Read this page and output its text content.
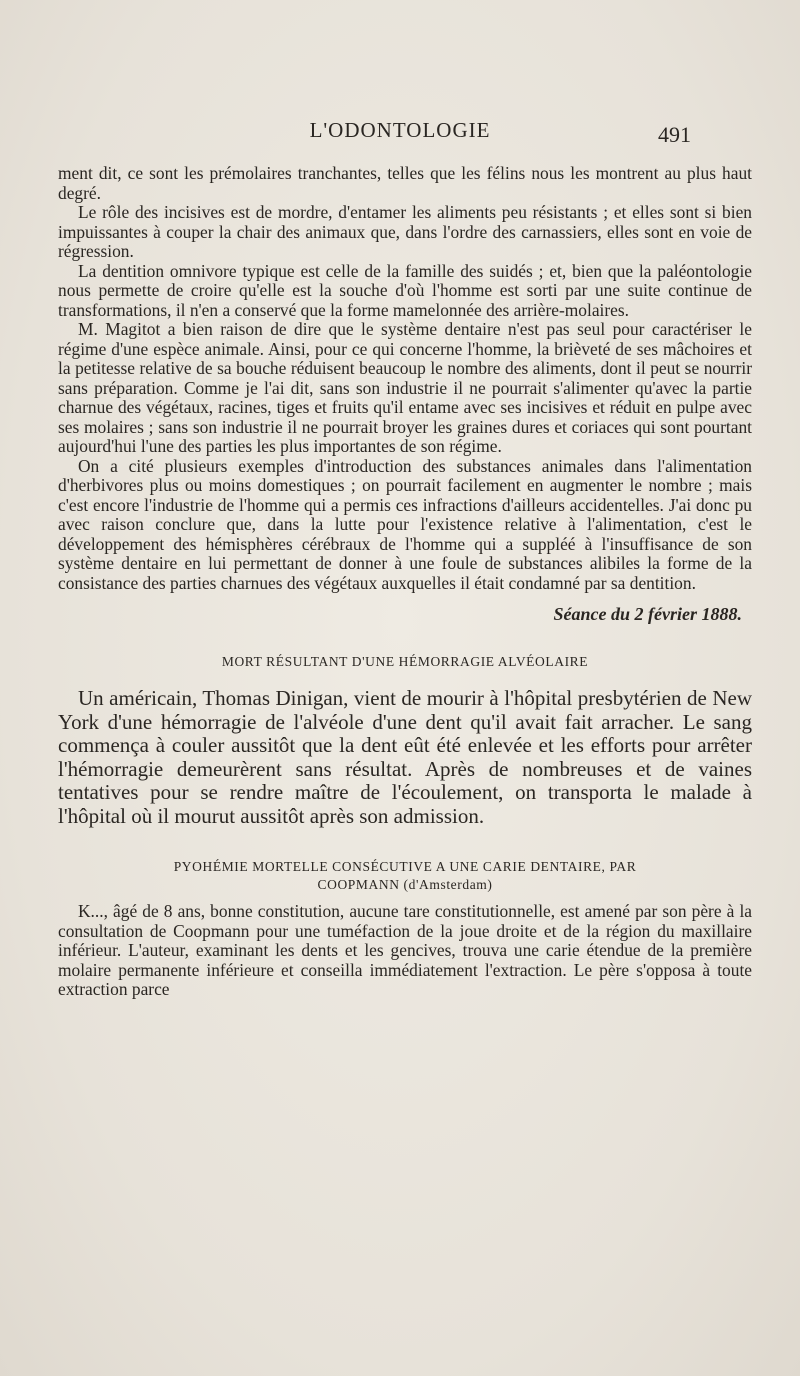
L'ODONTOLOGIE	491

ment dit, ce sont les prémolaires tranchantes, telles que les félins nous les montrent au plus haut degré.

Le rôle des incisives est de mordre, d'entamer les aliments peu résistants ; et elles sont si bien impuissantes à couper la chair des animaux que, dans l'ordre des carnassiers, elles sont en voie de régression.

La dentition omnivore typique est celle de la famille des suidés ; et, bien que la paléontologie nous permette de croire qu'elle est la souche d'où l'homme est sorti par une suite continue de transformations, il n'en a conservé que la forme mamelonnée des arrière-molaires.

M. Magitot a bien raison de dire que le système dentaire n'est pas seul pour caractériser le régime d'une espèce animale. Ainsi, pour ce qui concerne l'homme, la brièveté de ses mâchoires et la petitesse relative de sa bouche réduisent beaucoup le nombre des aliments, dont il peut se nourrir sans préparation. Comme je l'ai dit, sans son industrie il ne pourrait s'alimenter qu'avec la partie charnue des végétaux, racines, tiges et fruits qu'il entame avec ses incisives et réduit en pulpe avec ses molaires ; sans son industrie il ne pourrait broyer les graines dures et coriaces qui sont pourtant aujourd'hui l'une des parties les plus importantes de son régime.

On a cité plusieurs exemples d'introduction des substances animales dans l'alimentation d'herbivores plus ou moins domestiques ; on pourrait facilement en augmenter le nombre ; mais c'est encore l'industrie de l'homme qui a permis ces infractions d'ailleurs accidentelles. J'ai donc pu avec raison conclure que, dans la lutte pour l'existence relative à l'alimentation, c'est le développement des hémisphères cérébraux de l'homme qui a suppléé à l'insuffisance de son système dentaire en lui permettant de donner à une foule de substances alibiles la forme de la consistance des parties charnues des végétaux auxquelles il était condamné par sa dentition.

Séance du 2 février 1888.

MORT RÉSULTANT D'UNE HÉMORRAGIE ALVÉOLAIRE

Un américain, Thomas Dinigan, vient de mourir à l'hôpital presbytérien de New York d'une hémorragie de l'alvéole d'une dent qu'il avait fait arracher. Le sang commença à couler aussitôt que la dent eût été enlevée et les efforts pour arrêter l'hémorragie demeurèrent sans résultat. Après de nombreuses et de vaines tentatives pour se rendre maître de l'écoulement, on transporta le malade à l'hôpital où il mourut aussitôt après son admission.

PYOHÉMIE MORTELLE CONSÉCUTIVE A UNE CARIE DENTAIRE, PAR
COOPMANN (d'Amsterdam)

K..., âgé de 8 ans, bonne constitution, aucune tare constitutionnelle, est amené par son père à la consultation de Coopmann pour une tuméfaction de la joue droite et de la région du maxillaire inférieur. L'auteur, examinant les dents et les gencives, trouva une carie étendue de la première molaire permanente inférieure et conseilla immédiatement l'extraction. Le père s'opposa à toute extraction parce
